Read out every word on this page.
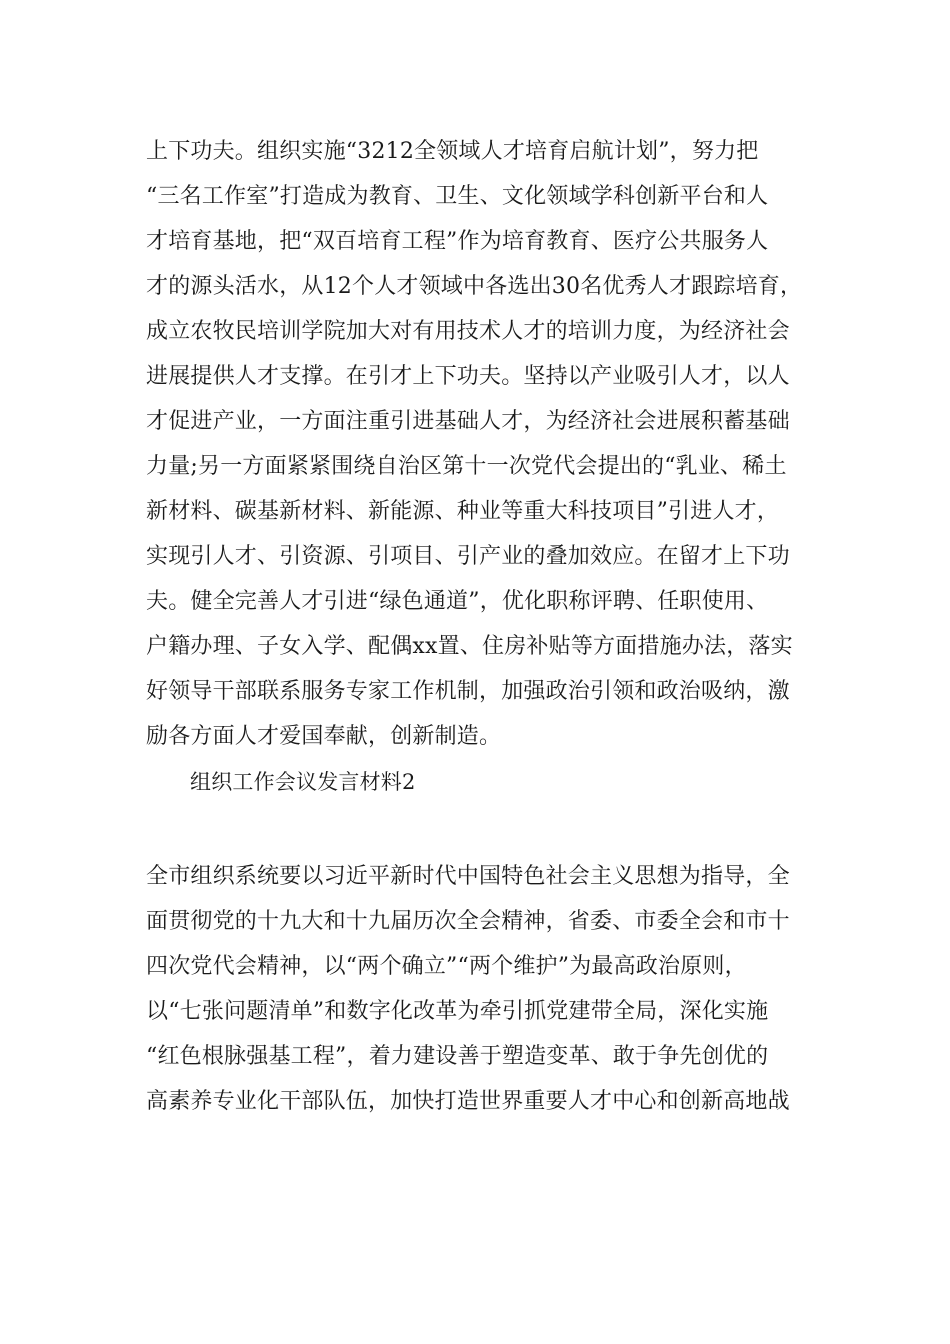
上下功夫。组织实施“3212全领域人才培育启航计划”，努力把
“三名工作室”打造成为教育、卫生、文化领域学科创新平台和人
才培育基地，把“双百培育工程”作为培育教育、医疗公共服务人
才的源头活水，从12个人才领域中各选出30名优秀人才跟踪培育，
成立农牧民培训学院加大对有用技术人才的培训力度，为经济社会
进展提供人才支撑。在引才上下功夫。坚持以产业吸引人才，以人
才促进产业，一方面注重引进基础人才，为经济社会进展积蓄基础
力量;另一方面紧紧围绕自治区第十一次党代会提出的“乳业、稀土
新材料、碳基新材料、新能源、种业等重大科技项目”引进人才，
实现引人才、引资源、引项目、引产业的叠加效应。在留才上下功
夫。健全完善人才引进“绿色通道”，优化职称评聘、任职使用、
户籍办理、子女入学、配偶xx置、住房补贴等方面措施办法，落实
好领导干部联系服务专家工作机制，加强政治引领和政治吸纳，激
励各方面人才爱国奉献，创新制造。
组织工作会议发言材料2
全市组织系统要以习近平新时代中国特色社会主义思想为指导，全
面贯彻党的十九大和十九届历次全会精神，省委、市委全会和市十
四次党代会精神，以“两个确立”“两个维护”为最高政治原则，
以“七张问题清单”和数字化改革为牵引抓党建带全局，深化实施
“红色根脉强基工程”，着力建设善于塑造变革、敢于争先创优的
高素养专业化干部队伍，加快打造世界重要人才中心和创新高地战
